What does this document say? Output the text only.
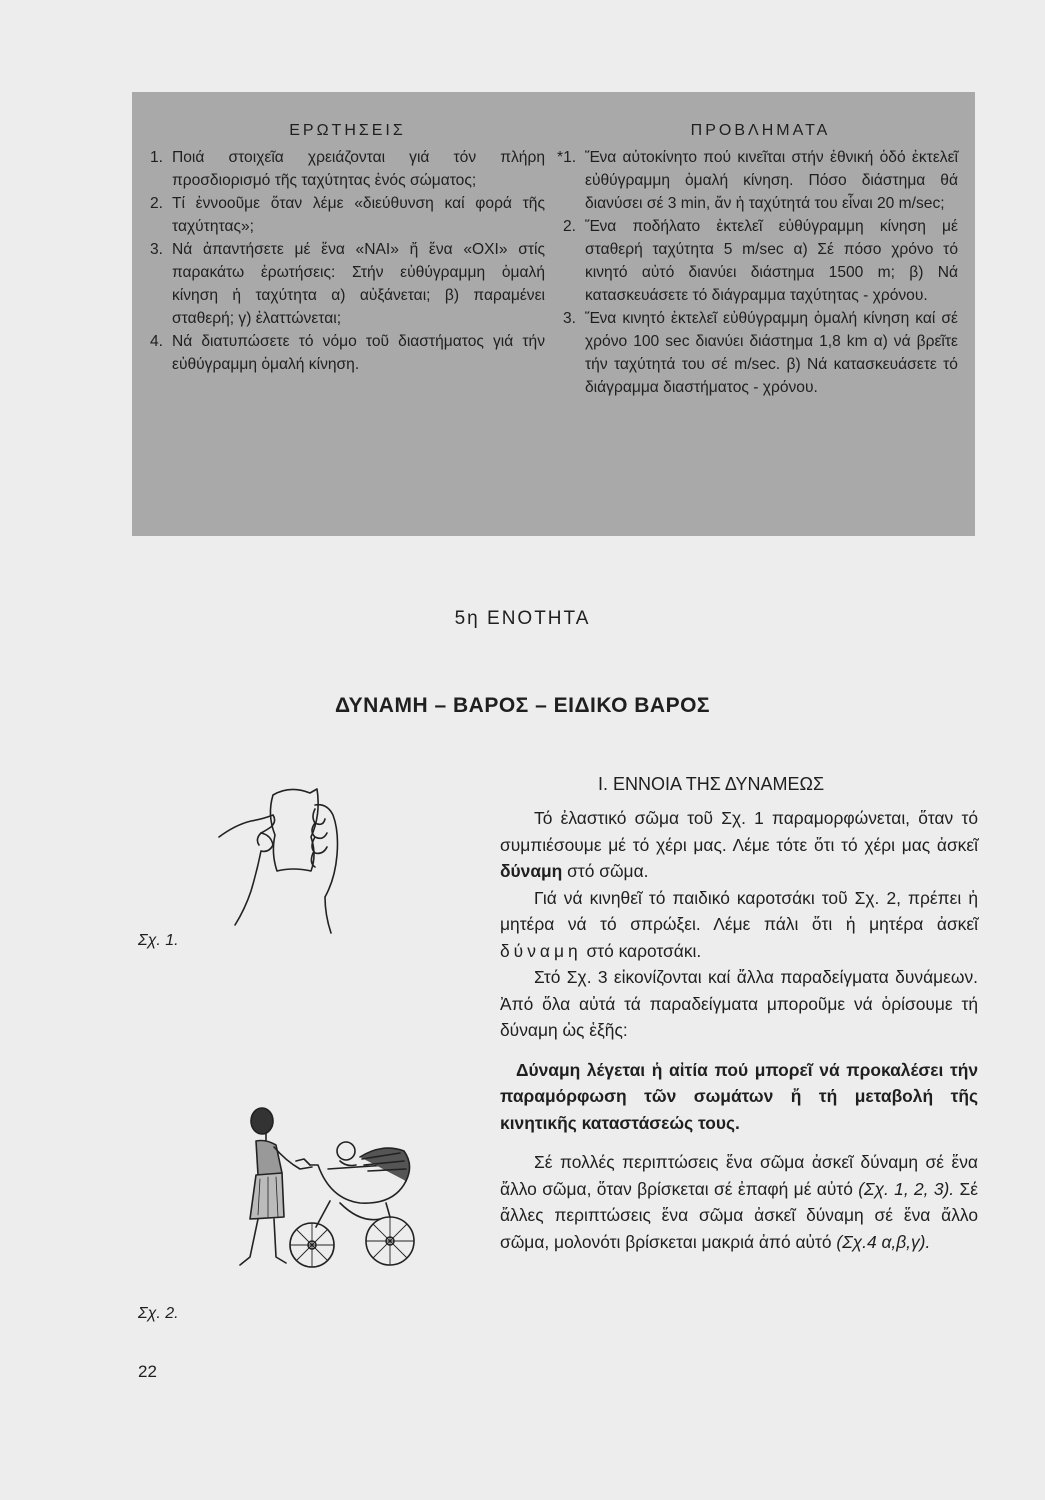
ΕΡΩΤΗΣΕΙΣ
1. Ποιά στοιχεῖα χρειάζονται γιά τόν πλήρη προσδιορισμό τῆς ταχύτητας ἑνός σώματος;
2. Τί ἐννοοῦμε ὅταν λέμε «διεύθυνση καί φορά τῆς ταχύτητας»;
3. Νά ἀπαντήσετε μέ ἕνα «ΝΑΙ» ἤ ἕνα «ΟΧΙ» στίς παρακάτω ἐρωτήσεις: Στήν εὐθύγραμμη ὁμαλή κίνηση ἡ ταχύτητα α) αὐξάνεται; β) παραμένει σταθερή; γ) ἐλαττώνεται;
4. Νά διατυπώσετε τό νόμο τοῦ διαστήματος γιά τήν εὐθύγραμμη ὁμαλή κίνηση.
ΠΡΟΒΛΗΜΑΤΑ
*1. Ἕνα αὐτοκίνητο πού κινεῖται στήν ἐθνική ὁδό ἐκτελεῖ εὐθύγραμμη ὁμαλή κίνηση. Πόσο διάστημα θά διανύσει σέ 3 min, ἄν ἡ ταχύτητά του εἶναι 20 m/sec;
2. Ἕνα ποδήλατο ἐκτελεῖ εὐθύγραμμη κίνηση μέ σταθερή ταχύτητα 5 m/sec α) Σέ πόσο χρόνο τό κινητό αὐτό διανύει διάστημα 1500 m; β) Νά κατασκευάσετε τό διάγραμμα ταχύτητας - χρόνου.
3. Ἕνα κινητό ἐκτελεῖ εὐθύγραμμη ὁμαλή κίνηση καί σέ χρόνο 100 sec διανύει διάστημα 1,8 km α) νά βρεῖτε τήν ταχύτητά του σέ m/sec. β) Νά κατασκευάσετε τό διάγραμμα διαστήματος - χρόνου.
5η ΕΝΟΤΗΤΑ
ΔΥΝΑΜΗ – ΒΑΡΟΣ – ΕΙΔΙΚΟ ΒΑΡΟΣ
Ι. ΕΝΝΟΙΑ ΤΗΣ ΔΥΝΑΜΕΩΣ

Τό ἐλαστικό σῶμα τοῦ Σχ. 1 παραμορφώνεται, ὅταν τό συμπιέσουμε μέ τό χέρι μας. Λέμε τότε ὅτι τό χέρι μας ἀσκεῖ δύναμη στό σῶμα.

Γιά νά κινηθεῖ τό παιδικό καροτσάκι τοῦ Σχ. 2, πρέπει ἡ μητέρα νά τό σπρώξει. Λέμε πάλι ὅτι ἡ μητέρα ἀσκεῖ δύναμη στό καροτσάκι.

Στό Σχ. 3 εἰκονίζονται καί ἄλλα παραδείγματα δυνάμεων. Ἀπό ὅλα αὐτά τά παραδείγματα μποροῦμε νά ὁρίσουμε τή δύναμη ὡς ἑξῆς:

Δύναμη λέγεται ἡ αἰτία πού μπορεῖ νά προκαλέσει τήν παραμόρφωση τῶν σωμάτων ἤ τή μεταβολή τῆς κινητικῆς καταστάσεώς τους.

Σέ πολλές περιπτώσεις ἕνα σῶμα ἀσκεῖ δύναμη σέ ἕνα ἄλλο σῶμα, ὅταν βρίσκεται σέ ἐπαφή μέ αὐτό (Σχ. 1, 2, 3). Σέ ἄλλες περιπτώσεις ἕνα σῶμα ἀσκεῖ δύναμη σέ ἕνα ἄλλο σῶμα, μολονότι βρίσκεται μακριά ἀπό αὐτό (Σχ.4 α,β,γ).

Σχ. 1.
Σχ. 2.
22
